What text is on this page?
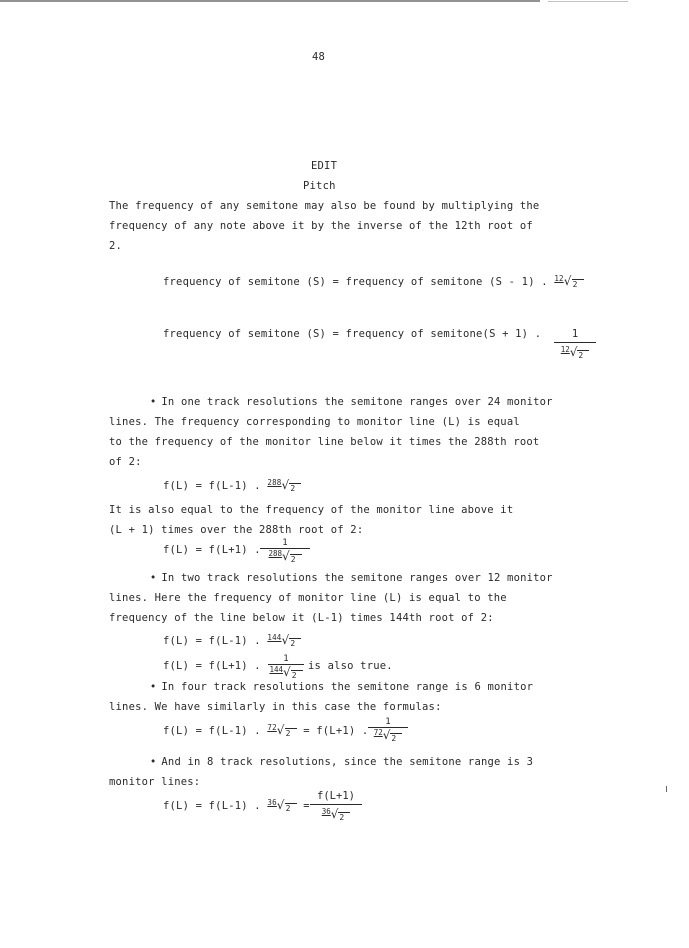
48
EDIT
Pitch
The frequency of any semitone may also be found by multiplying the
frequency of any note above it by the inverse of the 12th root of
2.
frequency of semitone (S) = frequency of semitone (S - 1) . $^{12}$√2
frequency of semitone (S) = frequency of semitone(S + 1) .	1
$^{12}$√2
• In one track resolutions the semitone ranges over 24 monitor
lines. The frequency corresponding to monitor line (L) is equal
to the frequency of the monitor line below it times the 288th root
of 2:
f(L) = f(L-1) . $^{288}$√2
It is also equal to the frequency of the monitor line above it
(L + 1) times over the 288th root of 2:
f(L) = f(L+1) .
1
$^{288}$√2
• In two track resolutions the semitone ranges over 12 monitor
lines. Here the frequency of monitor line (L) is equal to the
frequency of the line below it (L-1) times 144th root of 2:
f(L) = f(L-1) . $^{144}$√2
f(L) = f(L+1) .
1
144√2
is also true.
• In four track resolutions the semitone range is 6 monitor
lines. We have similarly in this case the formulas:
f(L) = f(L-1) . $^{72}$√2 = f(L+1) .
1
$^{72}$√2
• And in 8 track resolutions, since the semitone range is 3
monitor lines:
f(L) = f(L-1) . $^{36}$√2 =
f(L+1)
$^{36}$√2
